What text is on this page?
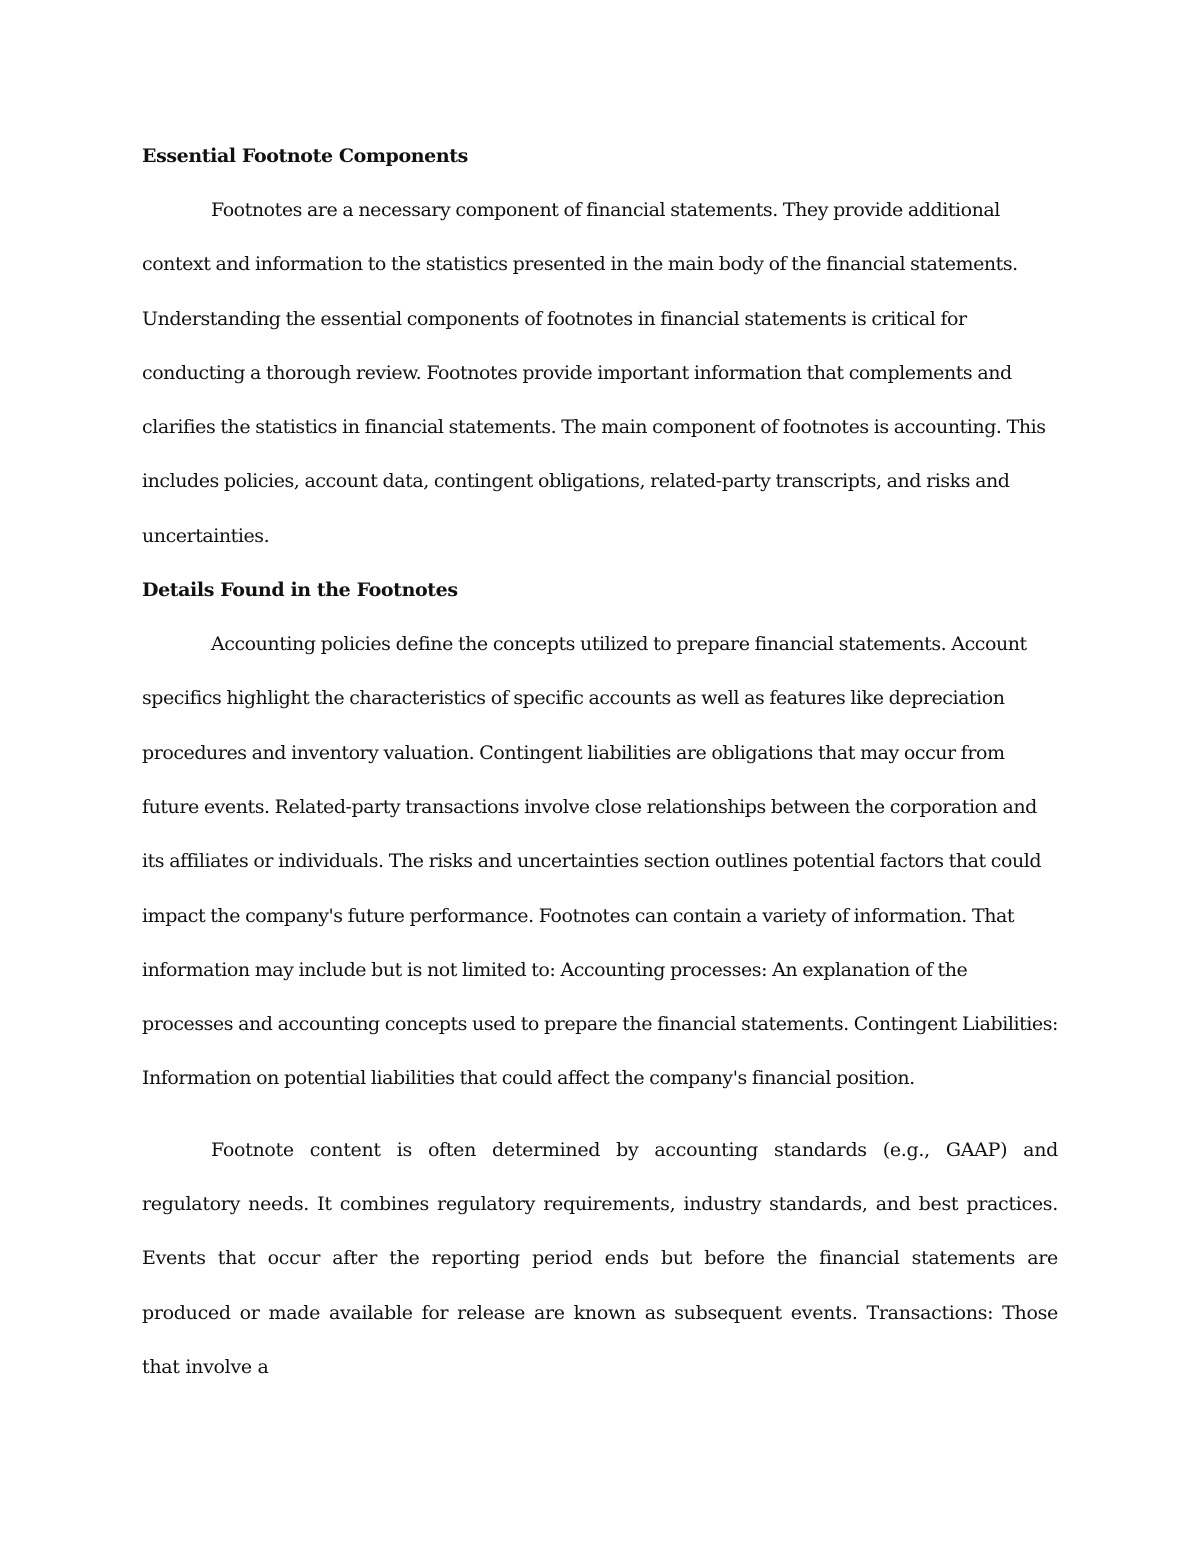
Essential Footnote Components

Footnotes are a necessary component of financial statements. They provide additional context and information to the statistics presented in the main body of the financial statements. Understanding the essential components of footnotes in financial statements is critical for conducting a thorough review. Footnotes provide important information that complements and clarifies the statistics in financial statements. The main component of footnotes is accounting. This includes policies, account data, contingent obligations, related-party transcripts, and risks and uncertainties.

Details Found in the Footnotes

Accounting policies define the concepts utilized to prepare financial statements. Account specifics highlight the characteristics of specific accounts as well as features like depreciation procedures and inventory valuation. Contingent liabilities are obligations that may occur from future events. Related-party transactions involve close relationships between the corporation and its affiliates or individuals. The risks and uncertainties section outlines potential factors that could impact the company's future performance. Footnotes can contain a variety of information. That information may include but is not limited to: Accounting processes: An explanation of the processes and accounting concepts used to prepare the financial statements. Contingent Liabilities: Information on potential liabilities that could affect the company's financial position.

Footnote content is often determined by accounting standards (e.g., GAAP) and regulatory needs. It combines regulatory requirements, industry standards, and best practices. Events that occur after the reporting period ends but before the financial statements are produced or made available for release are known as subsequent events. Transactions: Those that involve a
